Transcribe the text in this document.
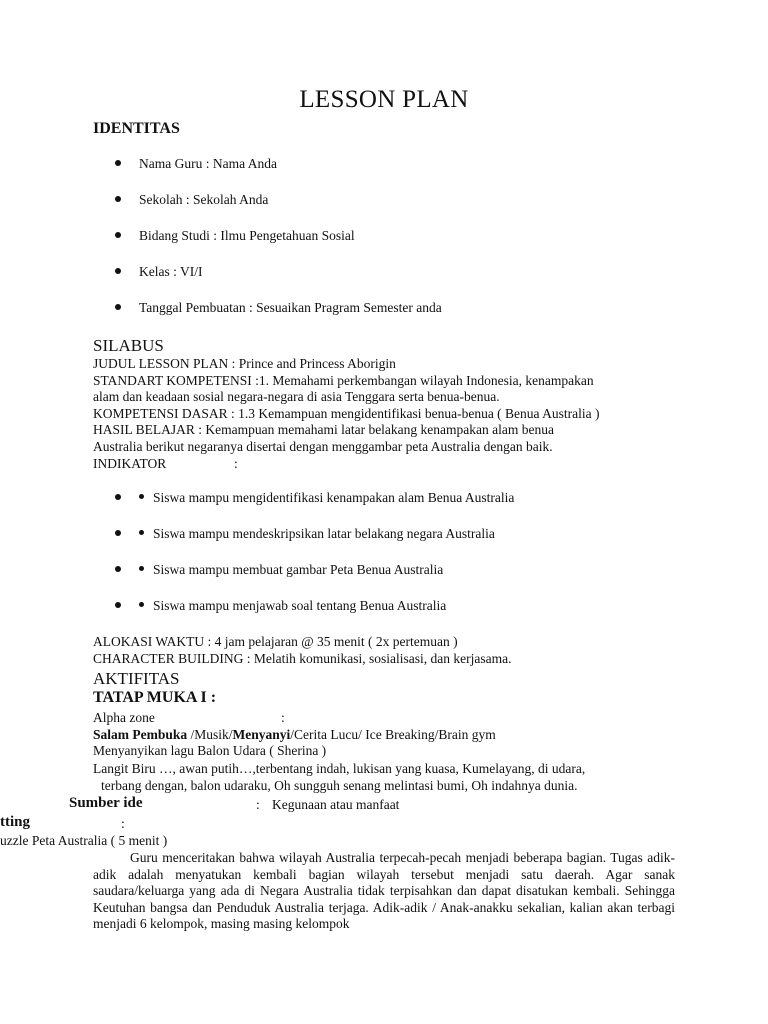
LESSON PLAN
IDENTITAS
Nama Guru : Nama Anda
Sekolah : Sekolah Anda
Bidang Studi : Ilmu Pengetahuan Sosial
Kelas : VI/I
Tanggal Pembuatan : Sesuaikan Pragram Semester anda
SILABUS
JUDUL LESSON PLAN : Prince and Princess Aborigin
STANDART KOMPETENSI :1. Memahami perkembangan wilayah Indonesia, kenampakan
alam dan keadaan sosial negara-negara di asia Tenggara serta benua-benua.
KOMPETENSI DASAR : 1.3 Kemampuan mengidentifikasi benua-benua ( Benua Australia )
HASIL BELAJAR : Kemampuan memahami latar belakang kenampakan alam benua
Australia berikut negaranya disertai dengan menggambar peta Australia dengan baik.
INDIKATOR	:
Siswa mampu mengidentifikasi kenampakan alam Benua Australia
Siswa mampu mendeskripsikan latar belakang negara Australia
Siswa mampu membuat gambar Peta Benua Australia
Siswa mampu menjawab soal tentang Benua Australia
ALOKASI WAKTU : 4 jam pelajaran @ 35 menit ( 2x pertemuan )
CHARACTER BUILDING : Melatih komunikasi, sosialisasi, dan kerjasama.
AKTIFITAS
TATAP MUKA I :
Alpha zone	:
Salam Pembuka /Musik/Menyanyi/Cerita Lucu/ Ice Breaking/Brain gym
Menyanyikan lagu Balon Udara ( Sherina )
Langit Biru …, awan putih…,terbentang indah, lukisan yang kuasa, Kumelayang, di udara,
terbang dengan, balon udaraku, Oh sungguh senang melintasi bumi, Oh indahnya dunia.
Sumber ide	: Kegunaan atau manfaat
tting	:
uzzle Peta Australia ( 5 menit )
Guru menceritakan bahwa wilayah Australia terpecah-pecah menjadi beberapa bagian. Tugas adik-adik adalah menyatukan kembali bagian wilayah tersebut menjadi satu daerah. Agar sanak saudara/keluarga yang ada di Negara Australia tidak terpisahkan dan dapat disatukan kembali. Sehingga Keutuhan bangsa dan Penduduk Australia terjaga. Adik-adik / Anak-anakku sekalian, kalian akan terbagi menjadi 6 kelompok, masing masing kelompok
